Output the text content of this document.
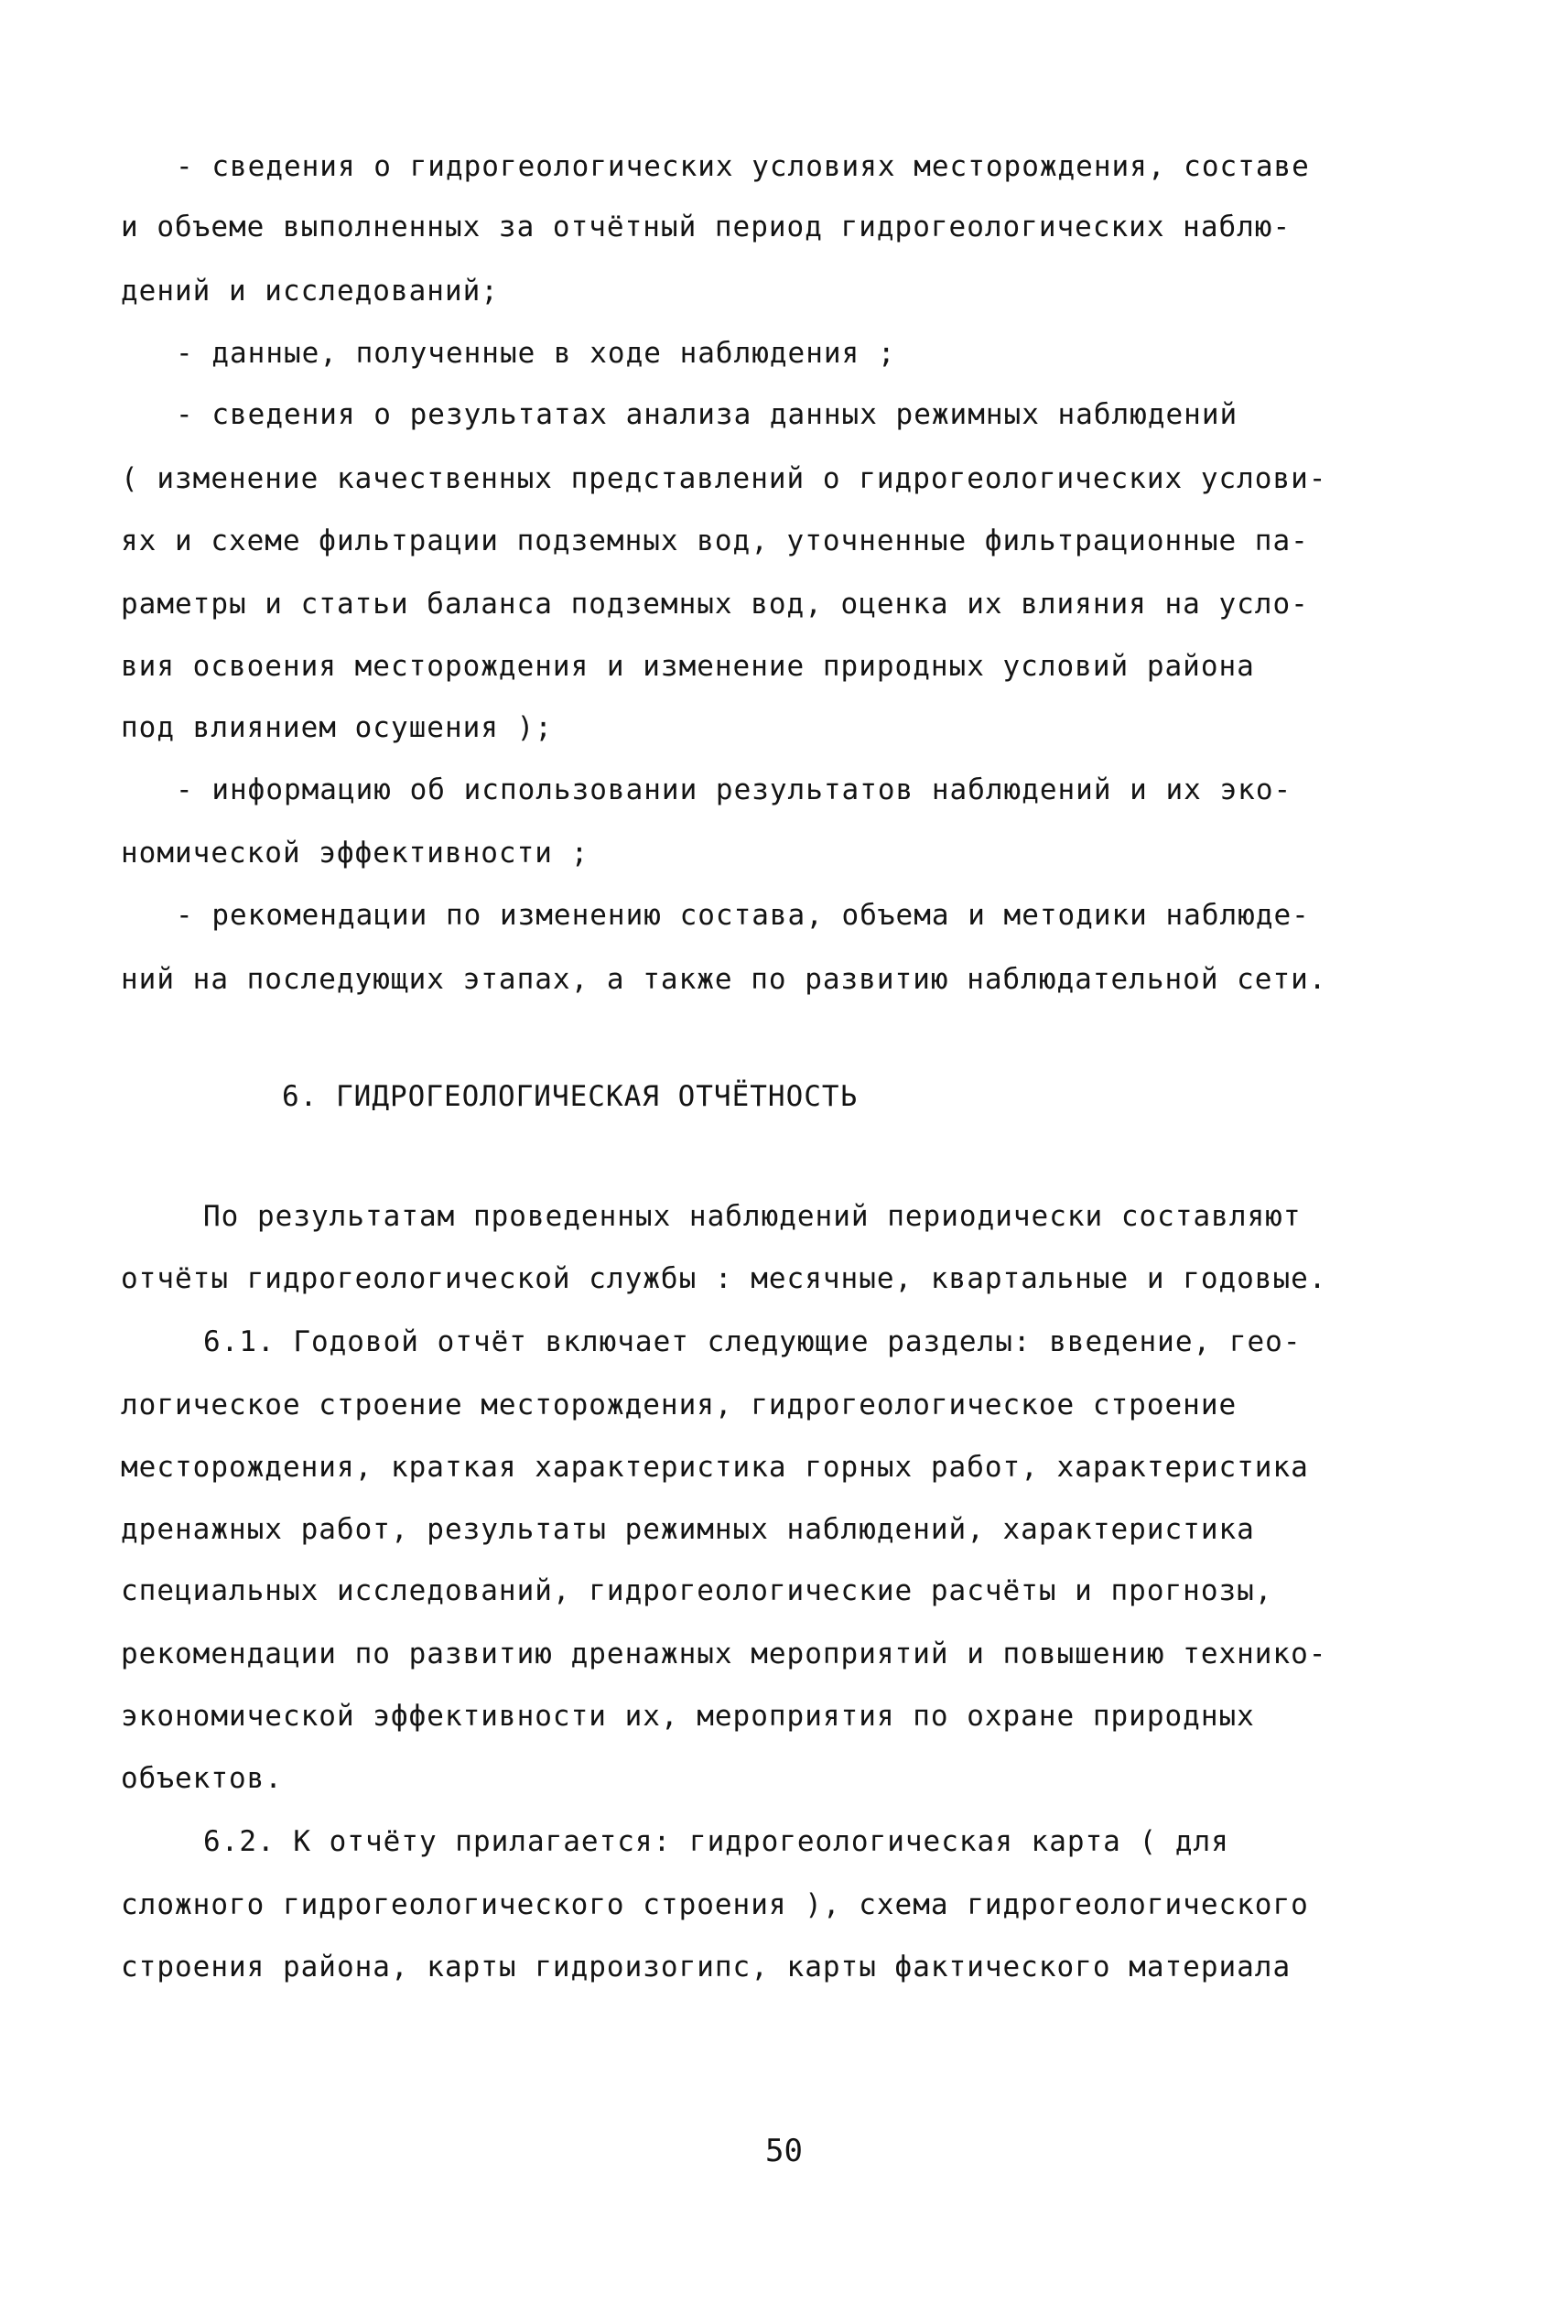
- сведения о гидрогеологических условиях месторождения, составе
и объеме выполненных за отчётный период гидрогеологических наблю-
дений и исследований;
- данные, полученные в ходе наблюдения ;
- сведения о результатах анализа данных режимных наблюдений
( изменение качественных представлений о гидрогеологических услови-
ях и схеме фильтрации подземных вод, уточненные фильтрационные па-
раметры и статьи баланса подземных вод, оценка их влияния на усло-
вия освоения месторождения и изменение природных условий района
под влиянием осушения );
- информацию об использовании результатов наблюдений и их эко-
номической эффективности ;
- рекомендации по изменению состава, объема и методики наблюде-
ний на последующих этапах, а также по развитию наблюдательной сети.
6. ГИДРОГЕОЛОГИЧЕСКАЯ ОТЧЁТНОСТЬ
По результатам проведенных наблюдений периодически составляют
отчёты гидрогеологической службы : месячные, квартальные и годовые.
6.1. Годовой отчёт включает следующие разделы: введение, гео-
логическое строение месторождения, гидрогеологическое строение
месторождения, краткая характеристика горных работ, характеристика
дренажных работ, результаты режимных наблюдений, характеристика
специальных исследований, гидрогеологические расчёты и прогнозы,
рекомендации по развитию дренажных мероприятий и повышению технико-
экономической эффективности их, мероприятия по охране природных
объектов.
6.2. К отчёту прилагается: гидрогеологическая карта ( для
сложного гидрогеологического строения ), схема гидрогеологического
строения района, карты гидроизогипс, карты фактического материала
50
